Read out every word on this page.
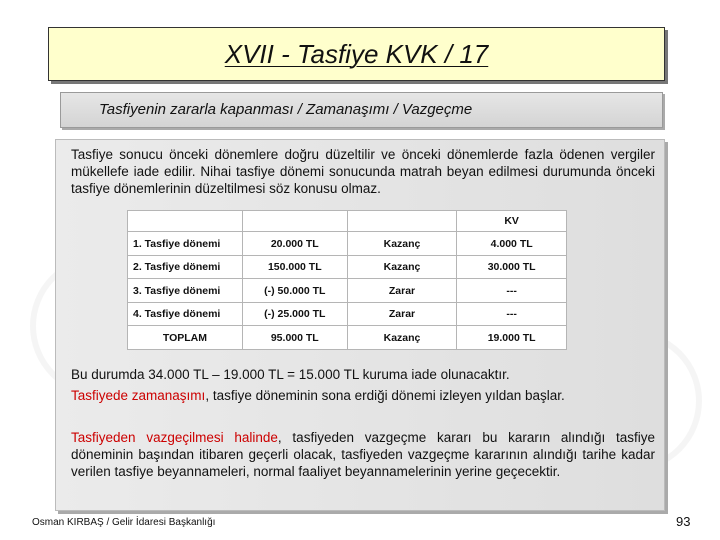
XVII - Tasfiye KVK / 17
Tasfiyenin zararla kapanması / Zamanaşımı / Vazgeçme

Tasfiye sonucu önceki dönemlere doğru düzeltilir ve önceki dönemlerde fazla ödenen vergiler mükellefe iade edilir. Nihai tasfiye dönemi sonucunda matrah beyan edilmesi durumunda önceki tasfiye dönemlerinin düzeltilmesi söz konusu olmaz.

Bu durumda 34.000 TL – 19.000 TL = 15.000 TL kuruma iade olunacaktır.

Tasfiyede zamanaşımı, tasfiye döneminin sona erdiği dönemi izleyen yıldan başlar.

Tasfiyeden vazgeçilmesi halinde, tasfiyeden vazgeçme kararı bu kararın alındığı tasfiye döneminin başından itibaren geçerli olacak, tasfiyeden vazgeçme kararının alındığı tarihe kadar verilen tasfiye beyannameleri, normal faaliyet beyannamelerinin yerine geçecektir.

			KV
1. Tasfiye dönemi	20.000 TL	Kazanç	4.000 TL
2. Tasfiye dönemi	150.000 TL	Kazanç	30.000 TL
3. Tasfiye dönemi	(-) 50.000 TL	Zarar	---
4. Tasfiye dönemi	(-) 25.000 TL	Zarar	---
TOPLAM	95.000 TL	Kazanç	19.000 TL
Osman KIRBAŞ / Gelir İdaresi Başkanlığı	93
